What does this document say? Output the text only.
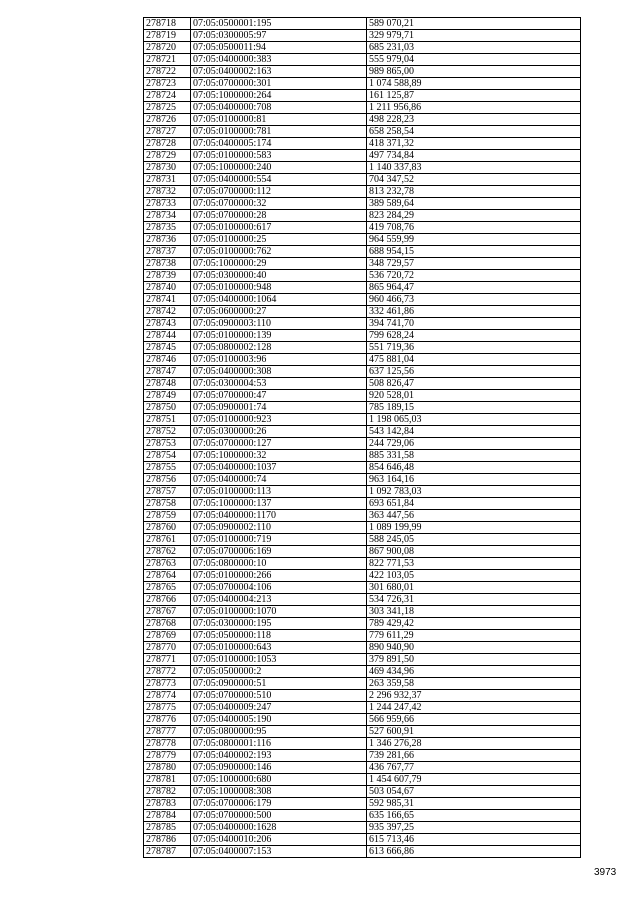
278718	07:05:0500001:195	589 070,21
278719	07:05:0300005:97	329 979,71
278720	07:05:0500011:94	685 231,03
278721	07:05:0400000:383	555 979,04
278722	07:05:0400002:163	989 865,00
278723	07:05:0700000:301	1 074 588,89
278724	07:05:1000000:264	161 125,87
278725	07:05:0400000:708	1 211 956,86
278726	07:05:0100000:81	498 228,23
278727	07:05:0100000:781	658 258,54
278728	07:05:0400005:174	418 371,32
278729	07:05:0100000:583	497 734,84
278730	07:05:1000000:240	1 140 337,83
278731	07:05:0400000:554	704 347,52
278732	07:05:0700000:112	813 232,78
278733	07:05:0700000:32	389 589,64
278734	07:05:0700000:28	823 284,29
278735	07:05:0100000:617	419 708,76
278736	07:05:0100000:25	964 559,99
278737	07:05:0100000:762	688 954,15
278738	07:05:1000000:29	348 729,57
278739	07:05:0300000:40	536 720,72
278740	07:05:0100000:948	865 964,47
278741	07:05:0400000:1064	960 466,73
278742	07:05:0600000:27	332 461,86
278743	07:05:0900003:110	394 741,70
278744	07:05:0100000:139	799 628,24
278745	07:05:0800002:128	551 719,36
278746	07:05:0100003:96	475 881,04
278747	07:05:0400000:308	637 125,56
278748	07:05:0300004:53	508 826,47
278749	07:05:0700000:47	920 528,01
278750	07:05:0900001:74	785 189,15
278751	07:05:0100000:923	1 198 065,03
278752	07:05:0300000:26	543 142,84
278753	07:05:0700000:127	244 729,06
278754	07:05:1000000:32	885 331,58
278755	07:05:0400000:1037	854 646,48
278756	07:05:0400000:74	963 164,16
278757	07:05:0100000:113	1 092 783,03
278758	07:05:1000000:137	693 651,84
278759	07:05:0400000:1170	363 447,56
278760	07:05:0900002:110	1 089 199,99
278761	07:05:0100000:719	588 245,05
278762	07:05:0700006:169	867 900,08
278763	07:05:0800000:10	822 771,53
278764	07:05:0100000:266	422 103,05
278765	07:05:0700004:106	301 680,01
278766	07:05:0400004:213	534 726,31
278767	07:05:0100000:1070	303 341,18
278768	07:05:0300000:195	789 429,42
278769	07:05:0500000:118	779 611,29
278770	07:05:0100000:643	890 940,90
278771	07:05:0100000:1053	379 891,50
278772	07:05:0500000:2	469 434,96
278773	07:05:0900000:51	263 359,58
278774	07:05:0700000:510	2 296 932,37
278775	07:05:0400009:247	1 244 247,42
278776	07:05:0400005:190	566 959,66
278777	07:05:0800000:95	527 600,91
278778	07:05:0800001:116	1 346 276,28
278779	07:05:0400002:193	739 281,66
278780	07:05:0900000:146	436 767,77
278781	07:05:1000000:680	1 454 607,79
278782	07:05:1000008:308	503 054,67
278783	07:05:0700006:179	592 985,31
278784	07:05:0700000:500	635 166,65
278785	07:05:0400000:1628	935 397,25
278786	07:05:0400010:206	615 713,46
278787	07:05:0400007:153	613 666,86
3973
